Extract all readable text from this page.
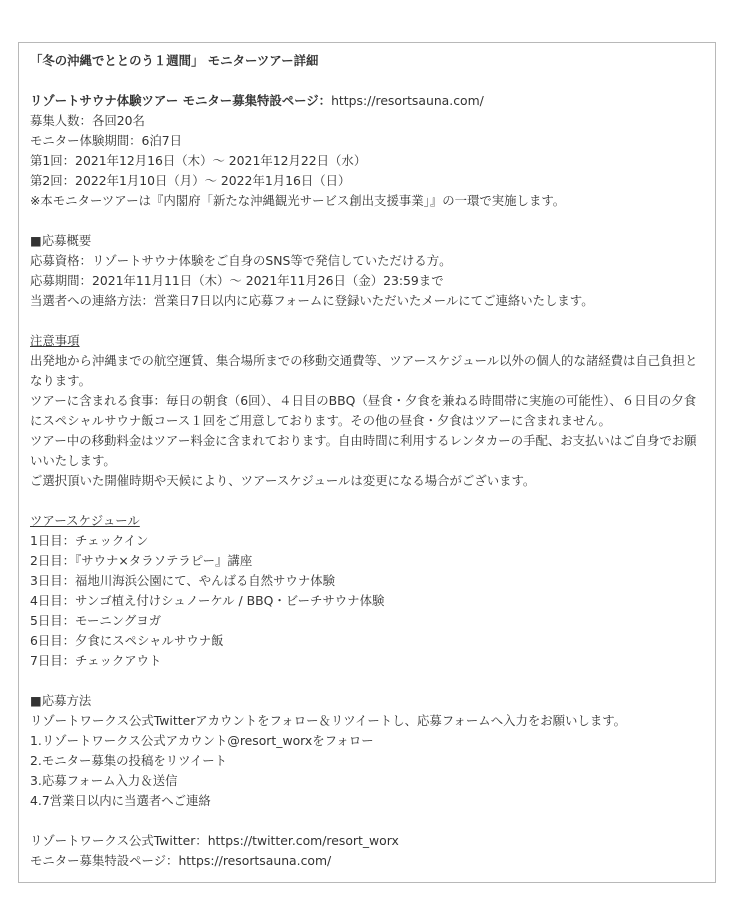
「冬の沖縄でととのう１週間」 モニターツアー詳細
リゾートサウナ体験ツアー モニター募集特設ページ：https://resortsauna.com/
募集人数：各回20名
モニター体験期間：6泊7日
第1回：2021年12月16日（木）～ 2021年12月22日（水）
第2回：2022年1月10日（月）～ 2022年1月16日（日）
※本モニターツアーは『内閣府「新たな沖縄観光サービス創出支援事業」』の一環で実施します。
■応募概要
応募資格：リゾートサウナ体験をご自身のSNS等で発信していただける方。
応募期間：2021年11月11日（木）～ 2021年11月26日（金）23:59まで
当選者への連絡方法：営業日7日以内に応募フォームに登録いただいたメールにてご連絡いたします。
注意事項
出発地から沖縄までの航空運賃、集合場所までの移動交通費等、ツアースケジュール以外の個人的な諸経費は自己負担となります。
ツアーに含まれる食事：毎日の朝食（6回）、４日目のBBQ（昼食・夕食を兼ねる時間帯に実施の可能性）、６日目の夕食にスペシャルサウナ飯コース１回をご用意しております。その他の昼食・夕食はツアーに含まれません。
ツアー中の移動料金はツアー料金に含まれております。自由時間に利用するレンタカーの手配、お支払いはご自身でお願いいたします。
ご選択頂いた開催時期や天候により、ツアースケジュールは変更になる場合がございます。
ツアースケジュール
1日目：チェックイン
2日目：『サウナ×タラソテラピー』講座
3日目：福地川海浜公園にて、やんばる自然サウナ体験
4日目：サンゴ植え付けシュノーケル / BBQ・ビーチサウナ体験
5日目：モーニングヨガ
6日目：夕食にスペシャルサウナ飯
7日目：チェックアウト
■応募方法
リゾートワークス公式Twitterアカウントをフォロー＆リツイートし、応募フォームへ入力をお願いします。
1.リゾートワークス公式アカウント@resort_worxをフォロー
2.モニター募集の投稿をリツイート
3.応募フォーム入力＆送信
4.7営業日以内に当選者へご連絡
リゾートワークス公式Twitter：https://twitter.com/resort_worx
モニター募集特設ページ：https://resortsauna.com/
